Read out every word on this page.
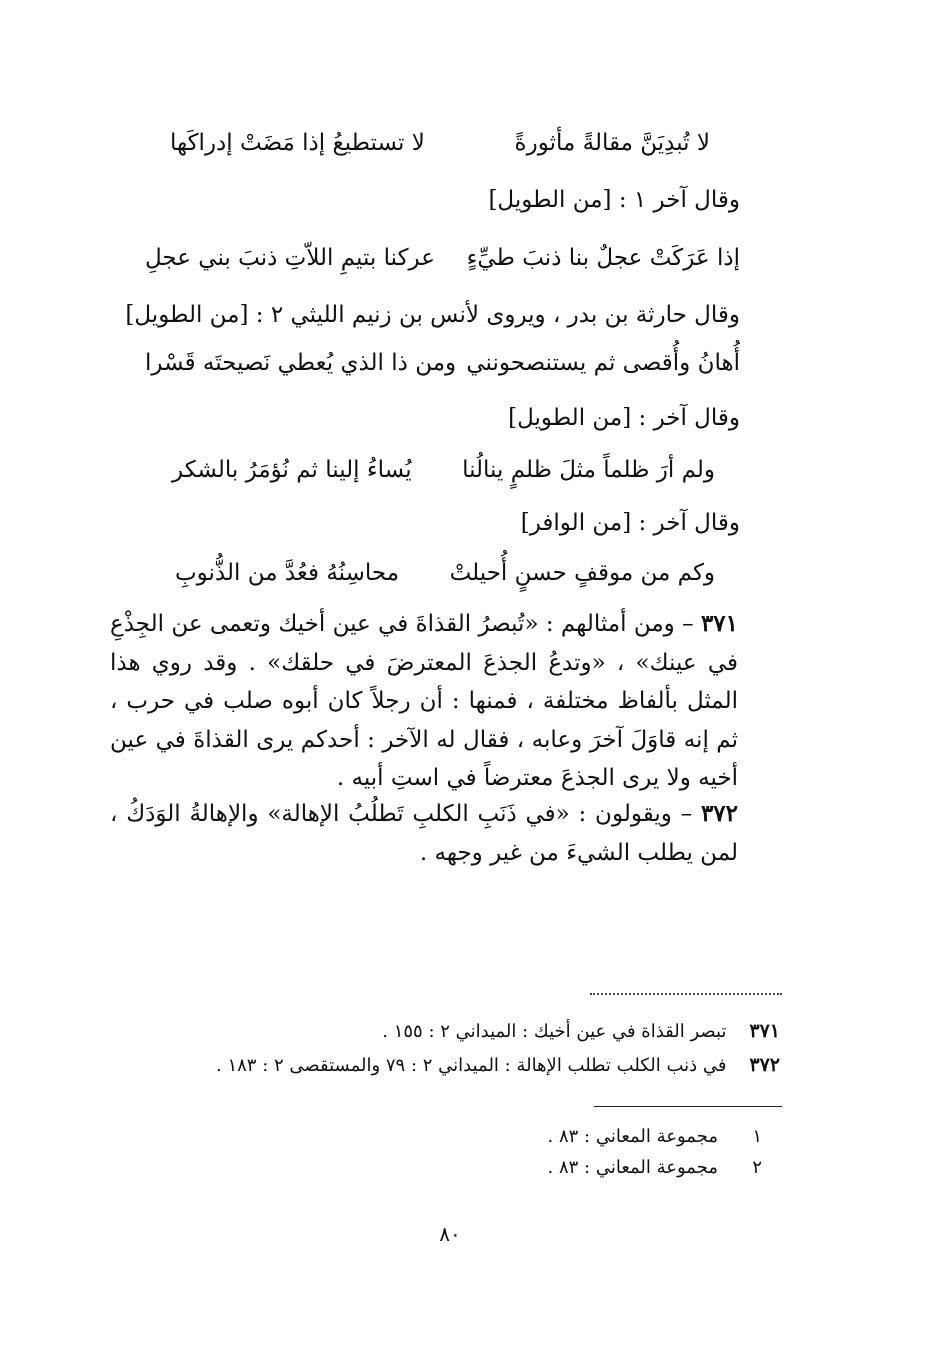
لا تُبدِيَنَّ مقالةً مأثورةً
لا تستطيعُ إذا مَضَتْ إدراكَها
وقال آخر ١ : [من الطويل]
إذا عَرَكَتْ عجلٌ بنا ذنبَ طيِّءٍ
عركنا بتيمِ اللاّتِ ذنبَ بني عجلِ
وقال حارثة بن بدر ، ويروى لأنس بن زنيم الليثي ٢ : [من الطويل]
أُهانُ وأُقصى ثم يستنصحونني
ومن ذا الذي يُعطي نَصيحتَه قَسْرا
وقال آخر : [من الطويل]
ولم أرَ ظلماً مثلَ ظلمٍ ينالُنا
يُساءُ إلينا ثم نُؤمَرُ بالشكر
وقال آخر : [من الوافر]
وكم من موقفٍ حسنٍ أُحيلتْ
محاسِنُهُ فعُدَّ من الذُّنوبِ
٣٧١ – ومن أمثالهم : «تُبصرُ القذاةَ في عين أخيك وتعمى عن الجِذْعِ في عينك» ، «وتدعُ الجذعَ المعترضَ في حلقك» . وقد روي هذا المثل بألفاظ مختلفة ، فمنها : أن رجلاً كان أبوه صلب في حرب ، ثم إنه قاوَلَ آخرَ وعابه ، فقال له الآخر : أحدكم يرى القذاةَ في عين أخيه ولا يرى الجذعَ معترضاً في استِ أبيه .
٣٧٢ – ويقولون : «في ذَنَبِ الكلبِ تَطلُبُ الإهالة» والإهالةُ الوَدَكُ ، لمن يطلب الشيءَ من غير وجهه .
٣٧١    تبصر القذاة في عين أخيك : الميداني ٢ : ١٥٥ .
٣٧٢    في ذنب الكلب تطلب الإهالة : الميداني ٢ : ٧٩ والمستقصى ٢ : ١٨٣ .
١      مجموعة المعاني : ٨٣ .
٢      مجموعة المعاني : ٨٣ .
٨٠
